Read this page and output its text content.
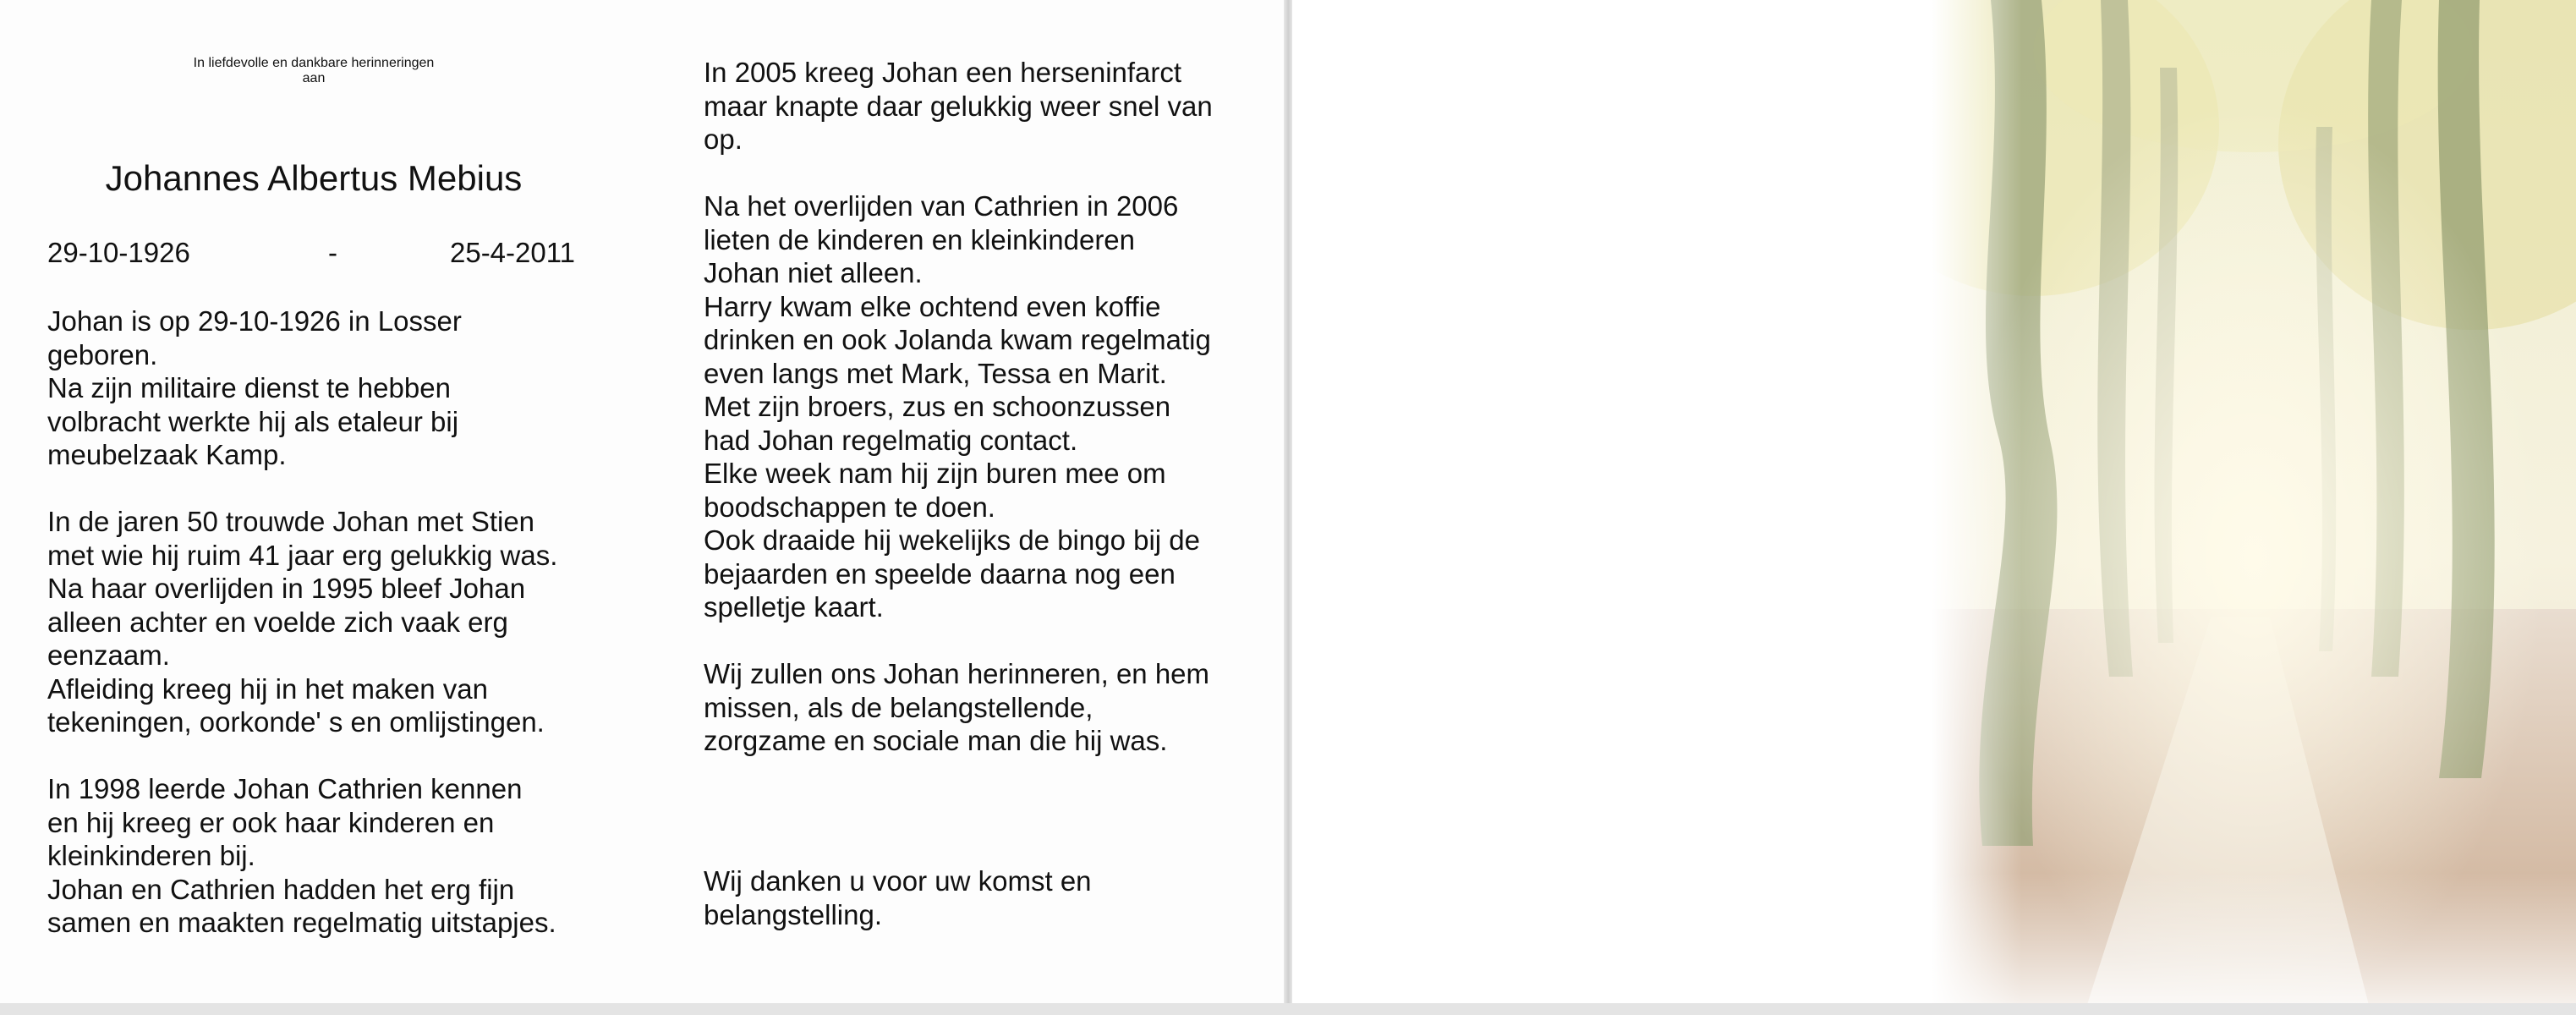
In liefdevolle en dankbare herinneringen
aan
Johannes Albertus Mebius
29-10-1926	-	25-4-2011
Johan is op 29-10-1926 in Losser
geboren.
Na zijn militaire dienst te hebben
volbracht werkte hij als etaleur bij
meubelzaak Kamp.
In de jaren 50 trouwde Johan met Stien
met wie hij ruim 41 jaar erg gelukkig was.
Na haar overlijden in 1995 bleef Johan
alleen achter en voelde zich vaak erg
eenzaam.
Afleiding kreeg hij in het maken van
tekeningen, oorkonde' s en omlijstingen.
In 1998 leerde Johan Cathrien kennen
en hij kreeg er ook haar kinderen en
kleinkinderen bij.
Johan en Cathrien hadden het erg fijn
samen en maakten regelmatig uitstapjes.
In 2005 kreeg Johan een herseninfarct
maar knapte daar gelukkig weer snel van
op.
Na het overlijden van Cathrien in 2006
lieten de kinderen en kleinkinderen
Johan niet alleen.
Harry kwam elke ochtend even koffie
drinken en ook Jolanda kwam regelmatig
even langs met Mark, Tessa en Marit.
Met zijn broers, zus en schoonzussen
had Johan regelmatig contact.
Elke week nam hij zijn buren mee om
boodschappen te doen.
Ook draaide hij wekelijks de bingo bij de
bejaarden en speelde daarna nog een
spelletje kaart.
Wij zullen ons Johan herinneren, en hem
missen, als de belangstellende,
zorgzame en sociale man die hij was.
Wij danken u voor uw komst en
belangstelling.
